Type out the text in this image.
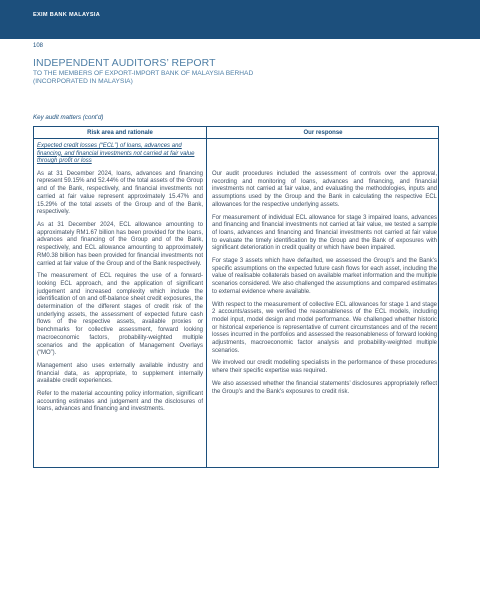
EXIM BANK MALAYSIA
108
INDEPENDENT AUDITORS’ REPORT
TO THE MEMBERS OF EXPORT-IMPORT BANK OF MALAYSIA BERHAD
(INCORPORATED IN MALAYSIA)
Key audit matters (cont’d)
Risk area and rationale	Our response
Expected credit losses (“ECL”) of loans, advances and financing, and financial investments not carried at fair value through profit or loss
As at 31 December 2024, loans, advances and financing represent 59.15% and 52.44% of the total assets of the Group and of the Bank, respectively, and financial investments not carried at fair value represent approximately 15.47% and 15.29% of the total assets of the Group and of the Bank, respectively.
As at 31 December 2024, ECL allowance amounting to approximately RM1.67 billion has been provided for the loans, advances and financing of the Group and of the Bank, respectively, and ECL allowance amounting to approximately RM0.38 billion has been provided for financial investments not carried at fair value of the Group and of the Bank respectively.
The measurement of ECL requires the use of a forward-looking ECL approach, and the application of significant judgement and increased complexity which include the identification of on and off-balance sheet credit exposures, the determination of the different stages of credit risk of the underlying assets, the assessment of expected future cash flows of the respective assets, available proxies or benchmarks for collective assessment, forward looking macroeconomic factors, probability-weighted multiple scenarios and the application of Management Overlays (“MO”).
Management also uses externally available industry and financial data, as appropriate, to supplement internally available credit experiences.
Refer to the material accounting policy information, significant accounting estimates and judgement and the disclosures of loans, advances and financing and investments.
Our audit procedures included the assessment of controls over the approval, recording and monitoring of loans, advances and financing, and financial investments not carried at fair value, and evaluating the methodologies, inputs and assumptions used by the Group and the Bank in calculating the respective ECL allowances for the respective underlying assets.
For measurement of individual ECL allowance for stage 3 impaired loans, advances and financing and financial investments not carried at fair value, we tested a sample of loans, advances and financing and financial investments not carried at fair value to evaluate the timely identification by the Group and the Bank of exposures with significant deterioration in credit quality or which have been impaired.
For stage 3 assets which have defaulted, we assessed the Group’s and the Bank’s specific assumptions on the expected future cash flows for each asset, including the value of realisable collaterals based on available market information and the multiple scenarios considered. We also challenged the assumptions and compared estimates to external evidence where available.
With respect to the measurement of collective ECL allowances for stage 1 and stage 2 accounts/assets, we verified the reasonableness of the ECL models, including model input, model design and model performance. We challenged whether historic or historical experience is representative of current circumstances and of the recent losses incurred in the portfolios and assessed the reasonableness of forward looking adjustments, macroeconomic factor analysis and probability-weighted multiple scenarios.
We involved our credit modelling specialists in the performance of these procedures where their specific expertise was required.
We also assessed whether the financial statements’ disclosures appropriately reflect the Group’s and the Bank’s exposures to credit risk.
